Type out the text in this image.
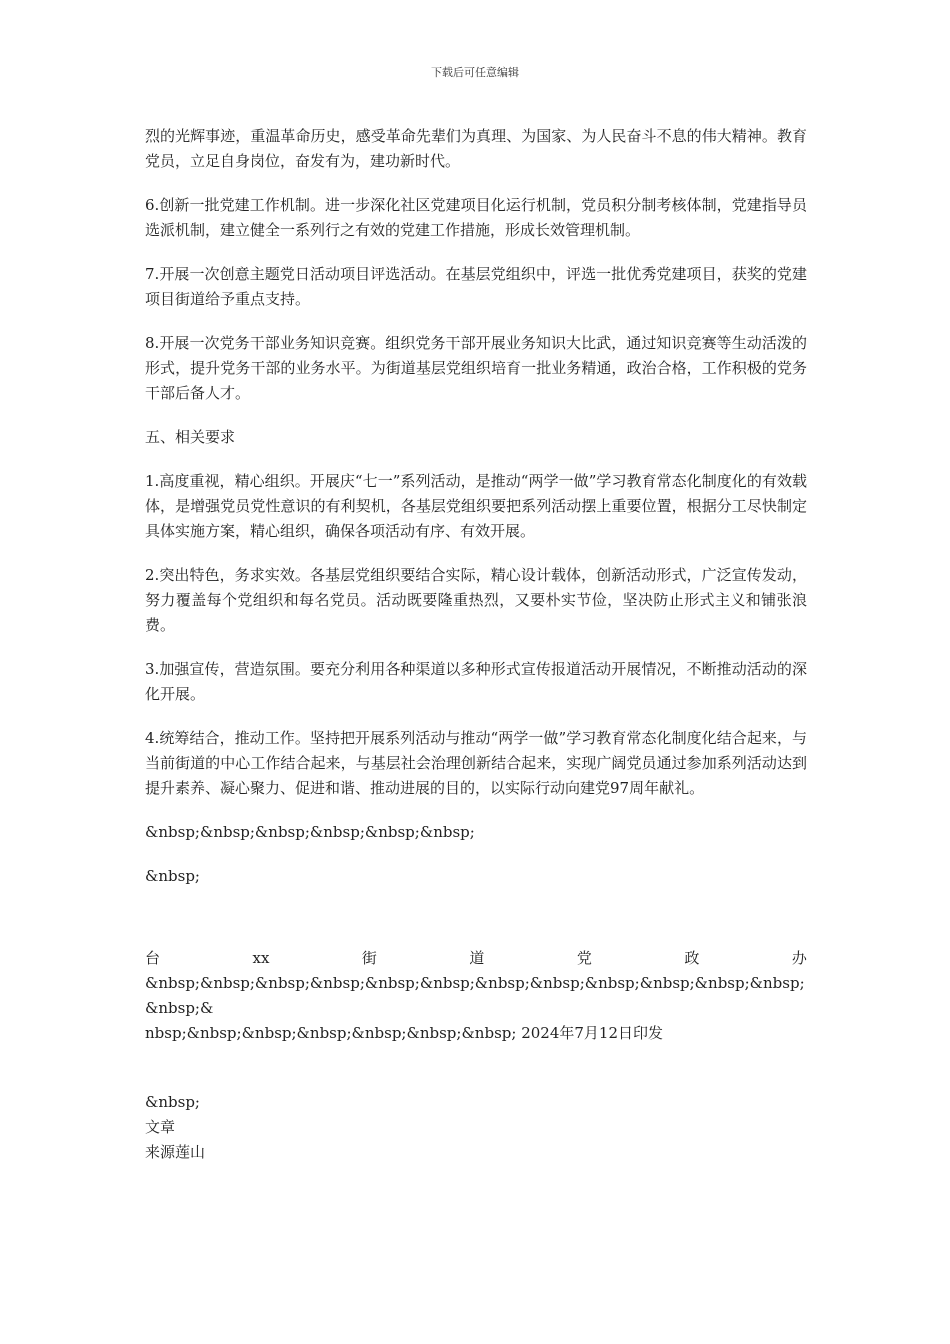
下载后可任意编辑

烈的光辉事迹，重温革命历史，感受革命先辈们为真理、为国家、为人民奋斗不息的伟大精神。教育党员，立足自身岗位，奋发有为，建功新时代。

6.创新一批党建工作机制。进一步深化社区党建项目化运行机制，党员积分制考核体制，党建指导员选派机制，建立健全一系列行之有效的党建工作措施，形成长效管理机制。

7.开展一次创意主题党日活动项目评选活动。在基层党组织中，评选一批优秀党建项目，获奖的党建项目街道给予重点支持。

8.开展一次党务干部业务知识竞赛。组织党务干部开展业务知识大比武，通过知识竞赛等生动活泼的形式，提升党务干部的业务水平。为街道基层党组织培育一批业务精通，政治合格，工作积极的党务干部后备人才。

五、相关要求

1.高度重视，精心组织。开展庆“七一”系列活动，是推动“两学一做”学习教育常态化制度化的有效载体，是增强党员党性意识的有利契机，各基层党组织要把系列活动摆上重要位置，根据分工尽快制定具体实施方案，精心组织，确保各项活动有序、有效开展。

2.突出特色，务求实效。各基层党组织要结合实际，精心设计载体，创新活动形式，广泛宣传发动，努力覆盖每个党组织和每名党员。活动既要隆重热烈，又要朴实节俭，坚决防止形式主义和铺张浪费。

3.加强宣传，营造氛围。要充分利用各种渠道以多种形式宣传报道活动开展情况，不断推动活动的深化开展。

4.统筹结合，推动工作。坚持把开展系列活动与推动“两学一做”学习教育常态化制度化结合起来，与当前街道的中心工作结合起来，与基层社会治理创新结合起来，实现广阔党员通过参加系列活动达到提升素养、凝心聚力、促进和谐、推动进展的目的，以实际行动向建党97周年献礼。

&nbsp;&nbsp;&nbsp;&nbsp;&nbsp;&nbsp;

&nbsp;

台	xx	街	道	党	政	办
&nbsp;&nbsp;&nbsp;&nbsp;&nbsp;&nbsp;&nbsp;&nbsp;&nbsp;&nbsp;&nbsp;&nbsp;&nbsp;&
nbsp;&nbsp;&nbsp;&nbsp;&nbsp;&nbsp;&nbsp; 2024年7月12日印发
&nbsp;
文章
来源莲山
